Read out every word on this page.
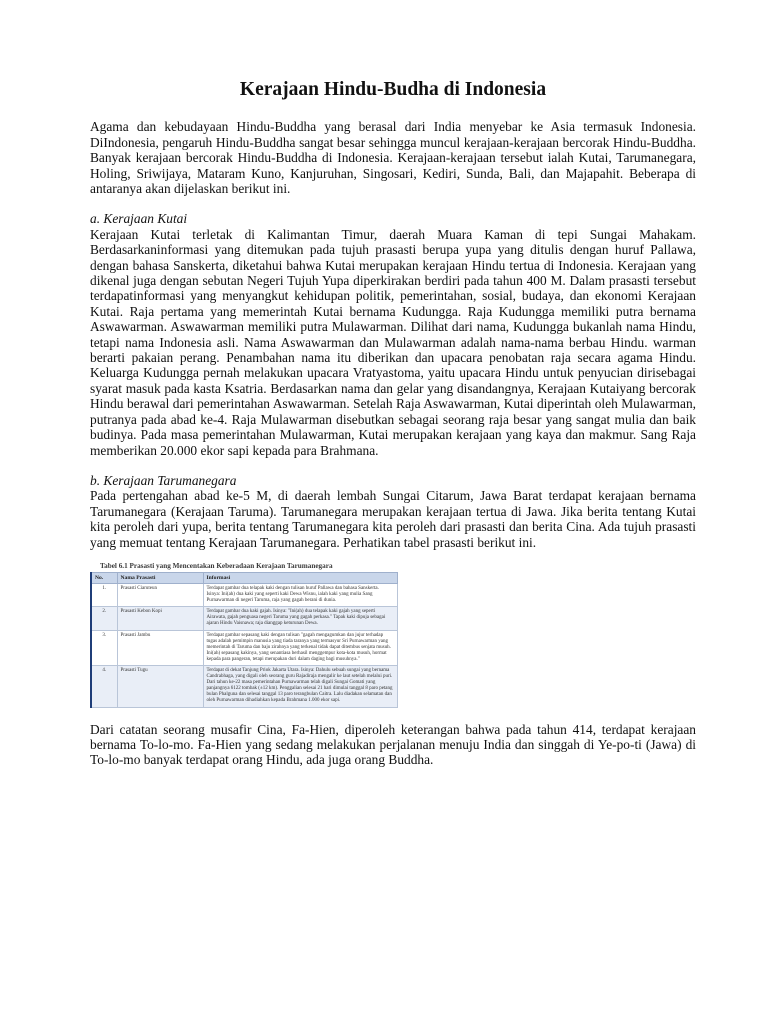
Kerajaan Hindu-Budha di Indonesia

Agama dan kebudayaan Hindu-Buddha yang berasal dari India menyebar ke Asia termasuk Indonesia. DiIndonesia, pengaruh Hindu-Buddha sangat besar sehingga muncul kerajaan-kerajaan bercorak Hindu-Buddha. Banyak kerajaan bercorak Hindu-Buddha di Indonesia. Kerajaan-kerajaan tersebut ialah Kutai, Tarumanegara, Holing, Sriwijaya, Mataram Kuno, Kanjuruhan, Singosari, Kediri, Sunda, Bali, dan Majapahit. Beberapa di antaranya akan dijelaskan berikut ini.

a. Kerajaan Kutai

Kerajaan Kutai terletak di Kalimantan Timur, daerah Muara Kaman di tepi Sungai Mahakam. Berdasarkaninformasi yang ditemukan pada tujuh prasasti berupa yupa yang ditulis dengan huruf Pallawa, dengan bahasa Sanskerta, diketahui bahwa Kutai merupakan kerajaan Hindu tertua di Indonesia. Kerajaan yang dikenal juga dengan sebutan Negeri Tujuh Yupa diperkirakan berdiri pada tahun 400 M. Dalam prasasti tersebut terdapatinformasi yang menyangkut kehidupan politik, pemerintahan, sosial, budaya, dan ekonomi Kerajaan Kutai. Raja pertama yang memerintah Kutai bernama Kudungga. Raja Kudungga memiliki putra bernama Aswawarman. Aswawarman memiliki putra Mulawarman. Dilihat dari nama, Kudungga bukanlah nama Hindu, tetapi nama Indonesia asli. Nama Aswawarman dan Mulawarman adalah nama-nama berbau Hindu. warman berarti pakaian perang. Penambahan nama itu diberikan dan upacara penobatan raja secara agama Hindu. Keluarga Kudungga pernah melakukan upacara Vratyastoma, yaitu upacara Hindu untuk penyucian dirisebagai syarat masuk pada kasta Ksatria. Berdasarkan nama dan gelar yang disandangnya, Kerajaan Kutaiyang bercorak Hindu berawal dari pemerintahan Aswawarman. Setelah Raja Aswawarman, Kutai diperintah oleh Mulawarman, putranya pada abad ke-4. Raja Mulawarman disebutkan sebagai seorang raja besar yang sangat mulia dan baik budinya. Pada masa pemerintahan Mulawarman, Kutai merupakan kerajaan yang kaya dan makmur. Sang Raja memberikan 20.000 ekor sapi kepada para Brahmana.

b. Kerajaan Tarumanegara

Pada pertengahan abad ke-5 M, di daerah lembah Sungai Citarum, Jawa Barat terdapat kerajaan bernama Tarumanegara (Kerajaan Taruma). Tarumanegara merupakan kerajaan tertua di Jawa. Jika berita tentang Kutai kita peroleh dari yupa, berita tentang Tarumanegara kita peroleh dari prasasti dan berita Cina. Ada tujuh prasasti yang memuat tentang Kerajaan Tarumanegara. Perhatikan tabel prasasti berikut ini.

Tabel 6.1 Prasasti yang Mencentakan Keberadaan Kerajaan Tarumanegara
No.	Nama Prasasti	Informasi
1.	Prasasti Ciaruteun	Terdapat gambar dua telapak kaki dengan tulisan huruf Pallawa dan bahasa Sanskerta. Isinya: Ini(ah) dua kaki yang seperti kaki Dewa Wisnu, ialah kaki yang mulia Sang Purnawarman di negeri Taruma, raja yang gagah berani di dunia.
2.	Prasasti Kebon Kopi	Terdapat gambar dua kaki gajah. Isinya: "Ini(ah) dua telapak kaki gajah yang seperti Airawata, gajah penguasa negeri Taruma yang gagah perkasa." Tapak kaki dipuja sebagai ajaran Hindu Vaisnawa; raja dianggap keturunan Dewa.
3.	Prasasti Jambu	Terdapat gambar sepasang kaki dengan tulisan "gagah mengagumkan dan jujur terhadap tugas adalah pemimpin manusia yang tiada taranya yang termasyur Sri Purnawarman yang memerintah di Taruma dan baju zirahnya yang terkenal tidak dapat ditembus senjata musuh. Ini(ah) sepasang kakinya, yang senantiasa berhasil menggempur kota-kota musuh, hormat kepada para pangeran, tetapi merupakan duri dalam daging bagi musuhnya."
4.	Prasasti Tugu	Terdapat di dekat Tanjung Priok Jakarta Utara. Isinya: Dahulu sebuah sungai yang bernama Candrabhaga, yang digali oleh seorang guru Rajadiraja mengalir ke laut setelah melalui puri. Dari tahun ke-22 masa pemerintahan Purnawarman telah digali Sungai Gomati yang panjangnya 6122 tombak (±12 km). Penggalian selesai 21 hari dimulai tanggal 8 paro petang bulan Phalguna dan selesai tanggal 13 paro terangbulan Caitra. Lalu diadakan selamatan dan oleh Purnawarman dihadiahkan kepada Brahmana 1.000 ekor sapi.

Dari catatan seorang musafir Cina, Fa-Hien, diperoleh keterangan bahwa pada tahun 414, terdapat kerajaan bernama To-lo-mo. Fa-Hien yang sedang melakukan perjalanan menuju India dan singgah di Ye-po-ti (Jawa) di To-lo-mo banyak terdapat orang Hindu, ada juga orang Buddha.
